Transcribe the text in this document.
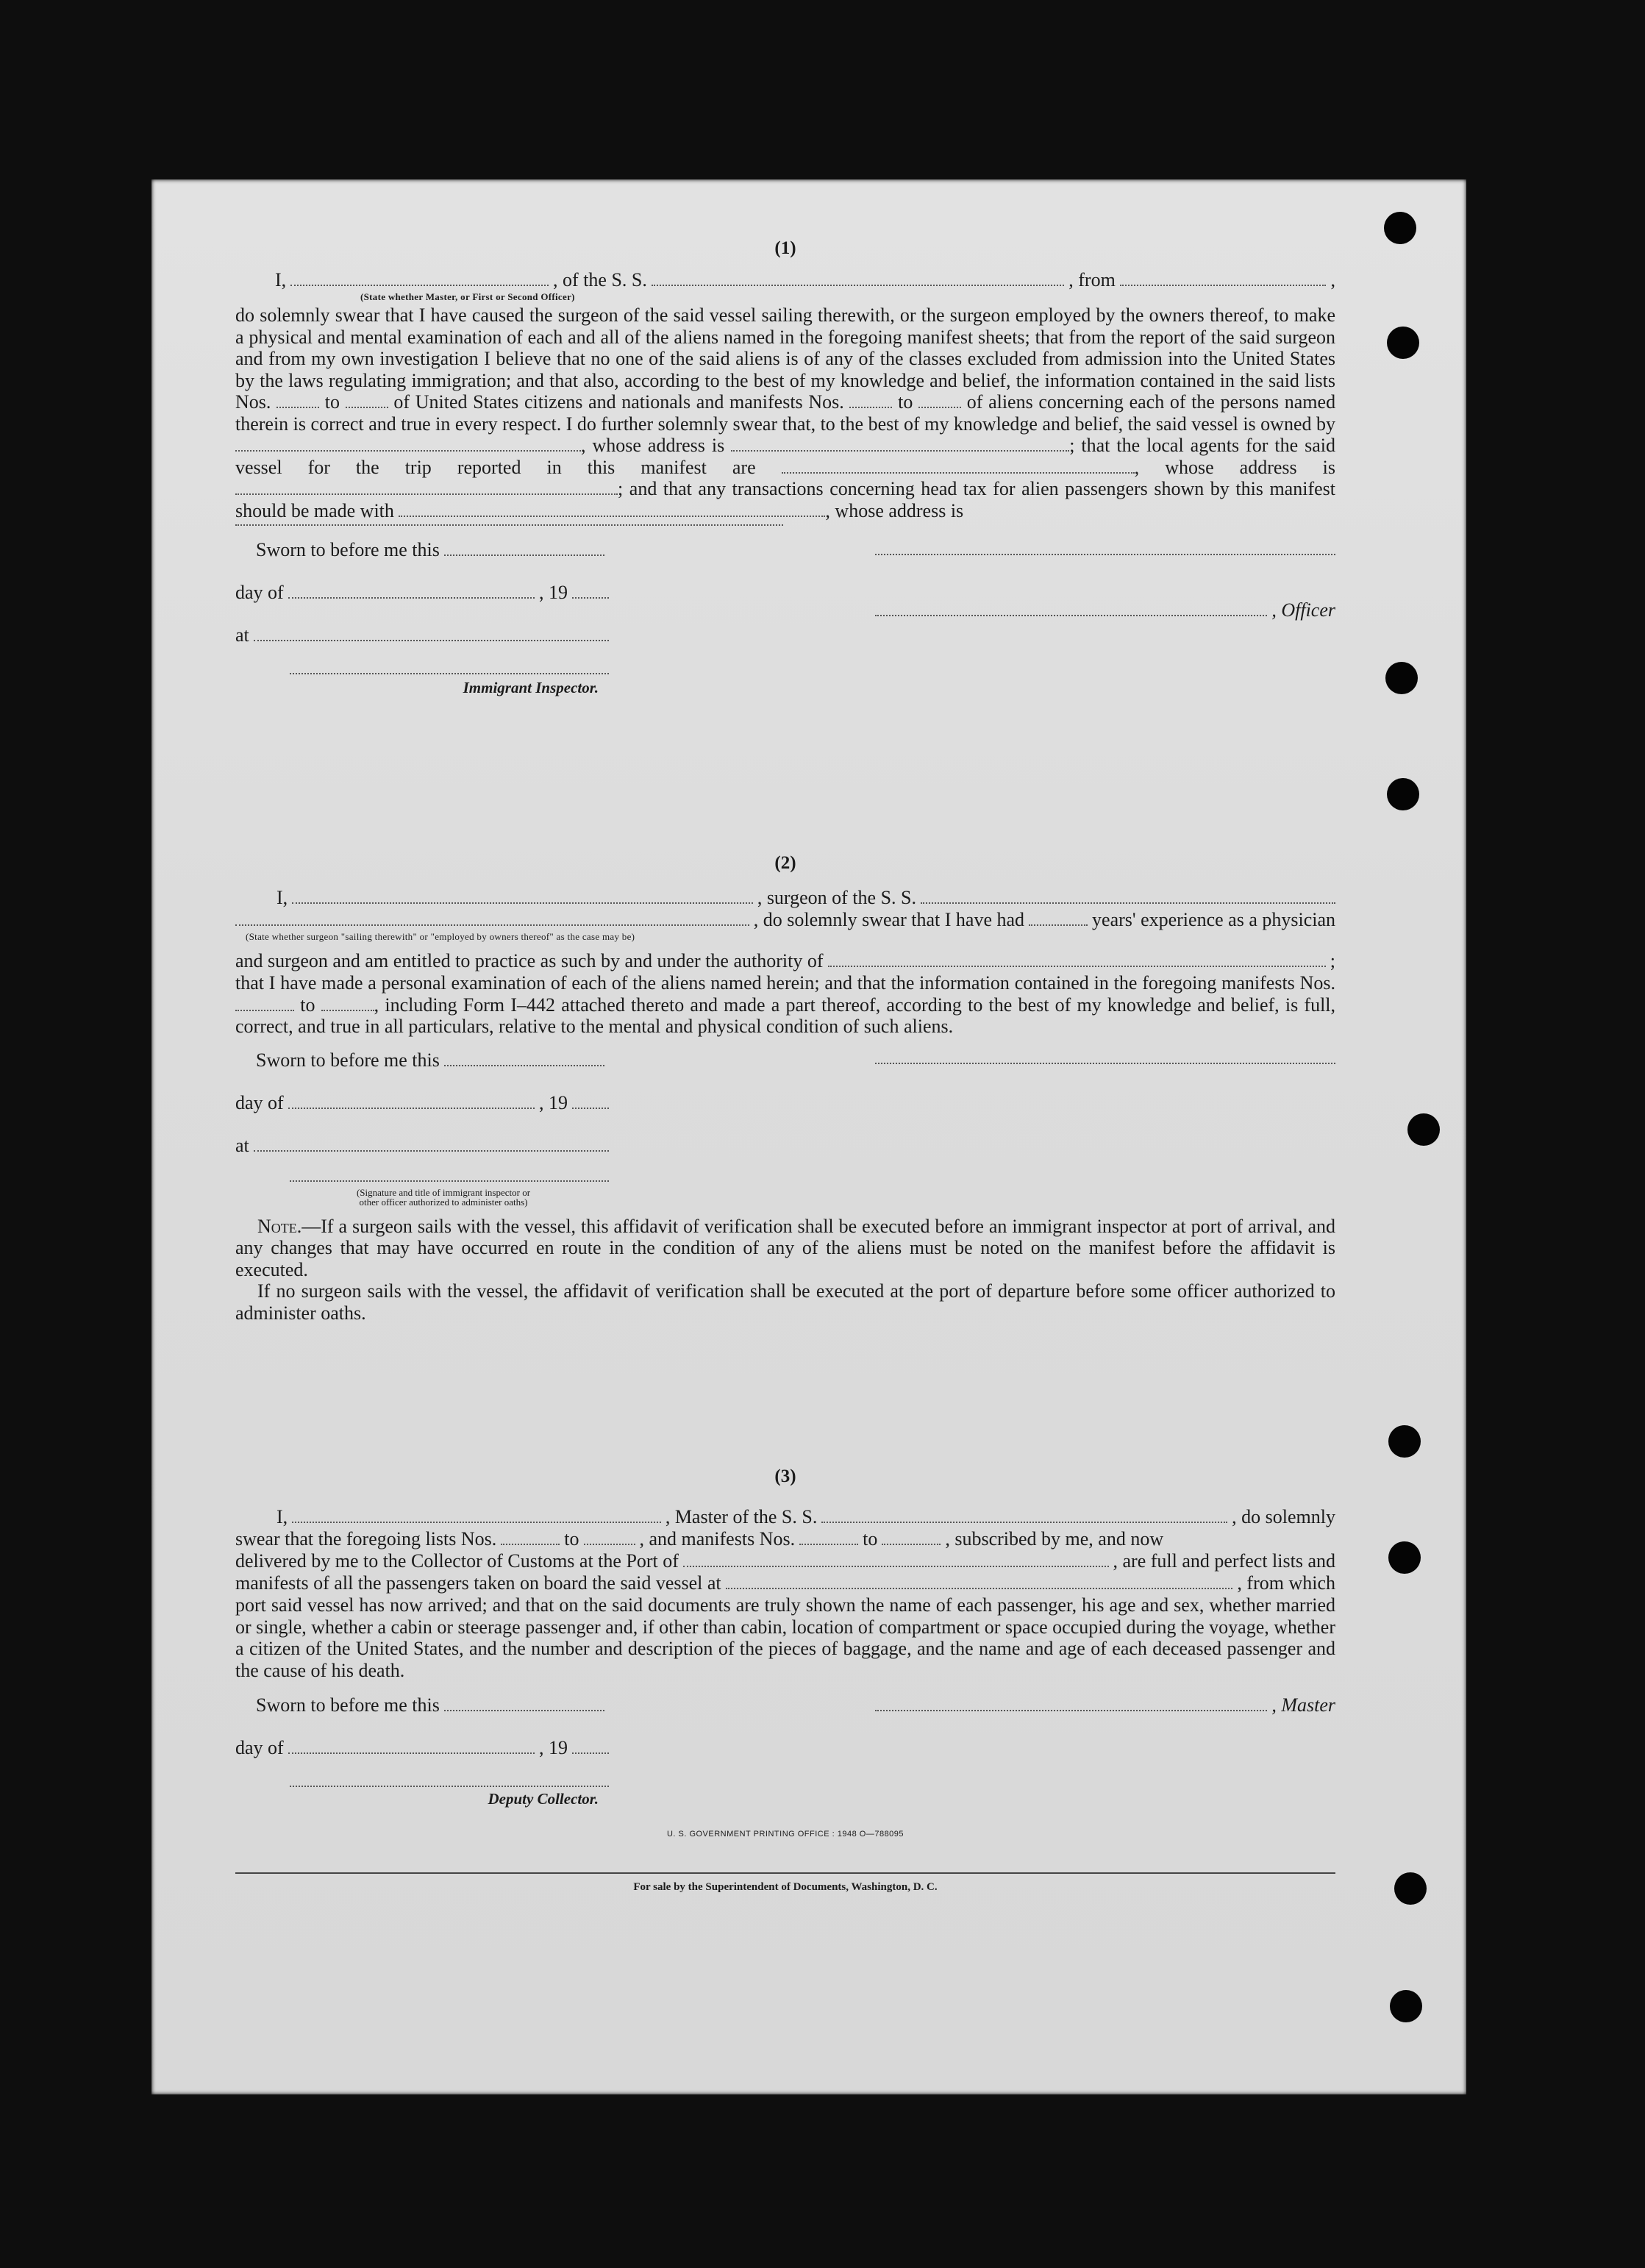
(1)
I,	, of the S. S.	, from	,
(State whether Master, or First or Second Officer)
do solemnly swear that I have caused the surgeon of the said vessel sailing therewith, or the surgeon employed by the owners thereof, to make a physical and mental examination of each and all of the aliens named in the foregoing manifest sheets; that from the report of the said surgeon and from my own investigation I believe that no one of the said aliens is of any of the classes excluded from admission into the United States by the laws regulating immigration; and that also, according to the best of my knowledge and belief, the information contained in the said lists Nos.	to	of United States citizens and nationals and manifests Nos.	to	of aliens concerning each of the persons named therein is correct and true in every respect. I do further solemnly swear that, to the best of my knowledge and belief, the said vessel is owned by , whose address is	; that the local agents for the said vessel for the trip reported in this manifest are	, whose address is ; and that any transactions concerning head tax for alien passengers shown by this manifest should be made with	, whose address is
Sworn to before me this
day of	, 19
at
Immigrant Inspector.
, Officer
(2)
I,	, surgeon of the S. S.
, do solemnly swear that I have had	years' experience as a physician
(State whether surgeon "sailing therewith" or "employed by owners thereof" as the case may be)
and surgeon and am entitled to practice as such by and under the authority of	;
that I have made a personal examination of each of the aliens named herein; and that the information contained in the foregoing manifests Nos.  to	, including Form I–442 attached thereto and made a part thereof, according to the best of my knowledge and belief, is full, correct, and true in all particulars, relative to the mental and physical condition of such aliens.
Sworn to before me this
day of	, 19
at
(Signature and title of immigrant inspector or
other officer authorized to administer oaths)
Note.—If a surgeon sails with the vessel, this affidavit of verification shall be executed before an immigrant inspector at port of arrival, and any changes that may have occurred en route in the condition of any of the aliens must be noted on the manifest before the affidavit is executed.
If no surgeon sails with the vessel, the affidavit of verification shall be executed at the port of departure before some officer authorized to administer oaths.
(3)
I,	, Master of the S. S.	, do solemnly
swear that the foregoing lists Nos.	to	, and manifests Nos.	to	, subscribed by me, and now
delivered by me to the Collector of Customs at the Port of	, are full and perfect lists and
manifests of all the passengers taken on board the said vessel at	, from which
port said vessel has now arrived; and that on the said documents are truly shown the name of each passenger, his age and sex, whether married or single, whether a cabin or steerage passenger and, if other than cabin, location of compartment or space occupied during the voyage, whether a citizen of the United States, and the number and description of the pieces of baggage, and the name and age of each deceased passenger and the cause of his death.
Sworn to before me this	, Master
day of	, 19
Deputy Collector.
U. S. GOVERNMENT PRINTING OFFICE : 1948 O—788095
For sale by the Superintendent of Documents, Washington, D. C.
